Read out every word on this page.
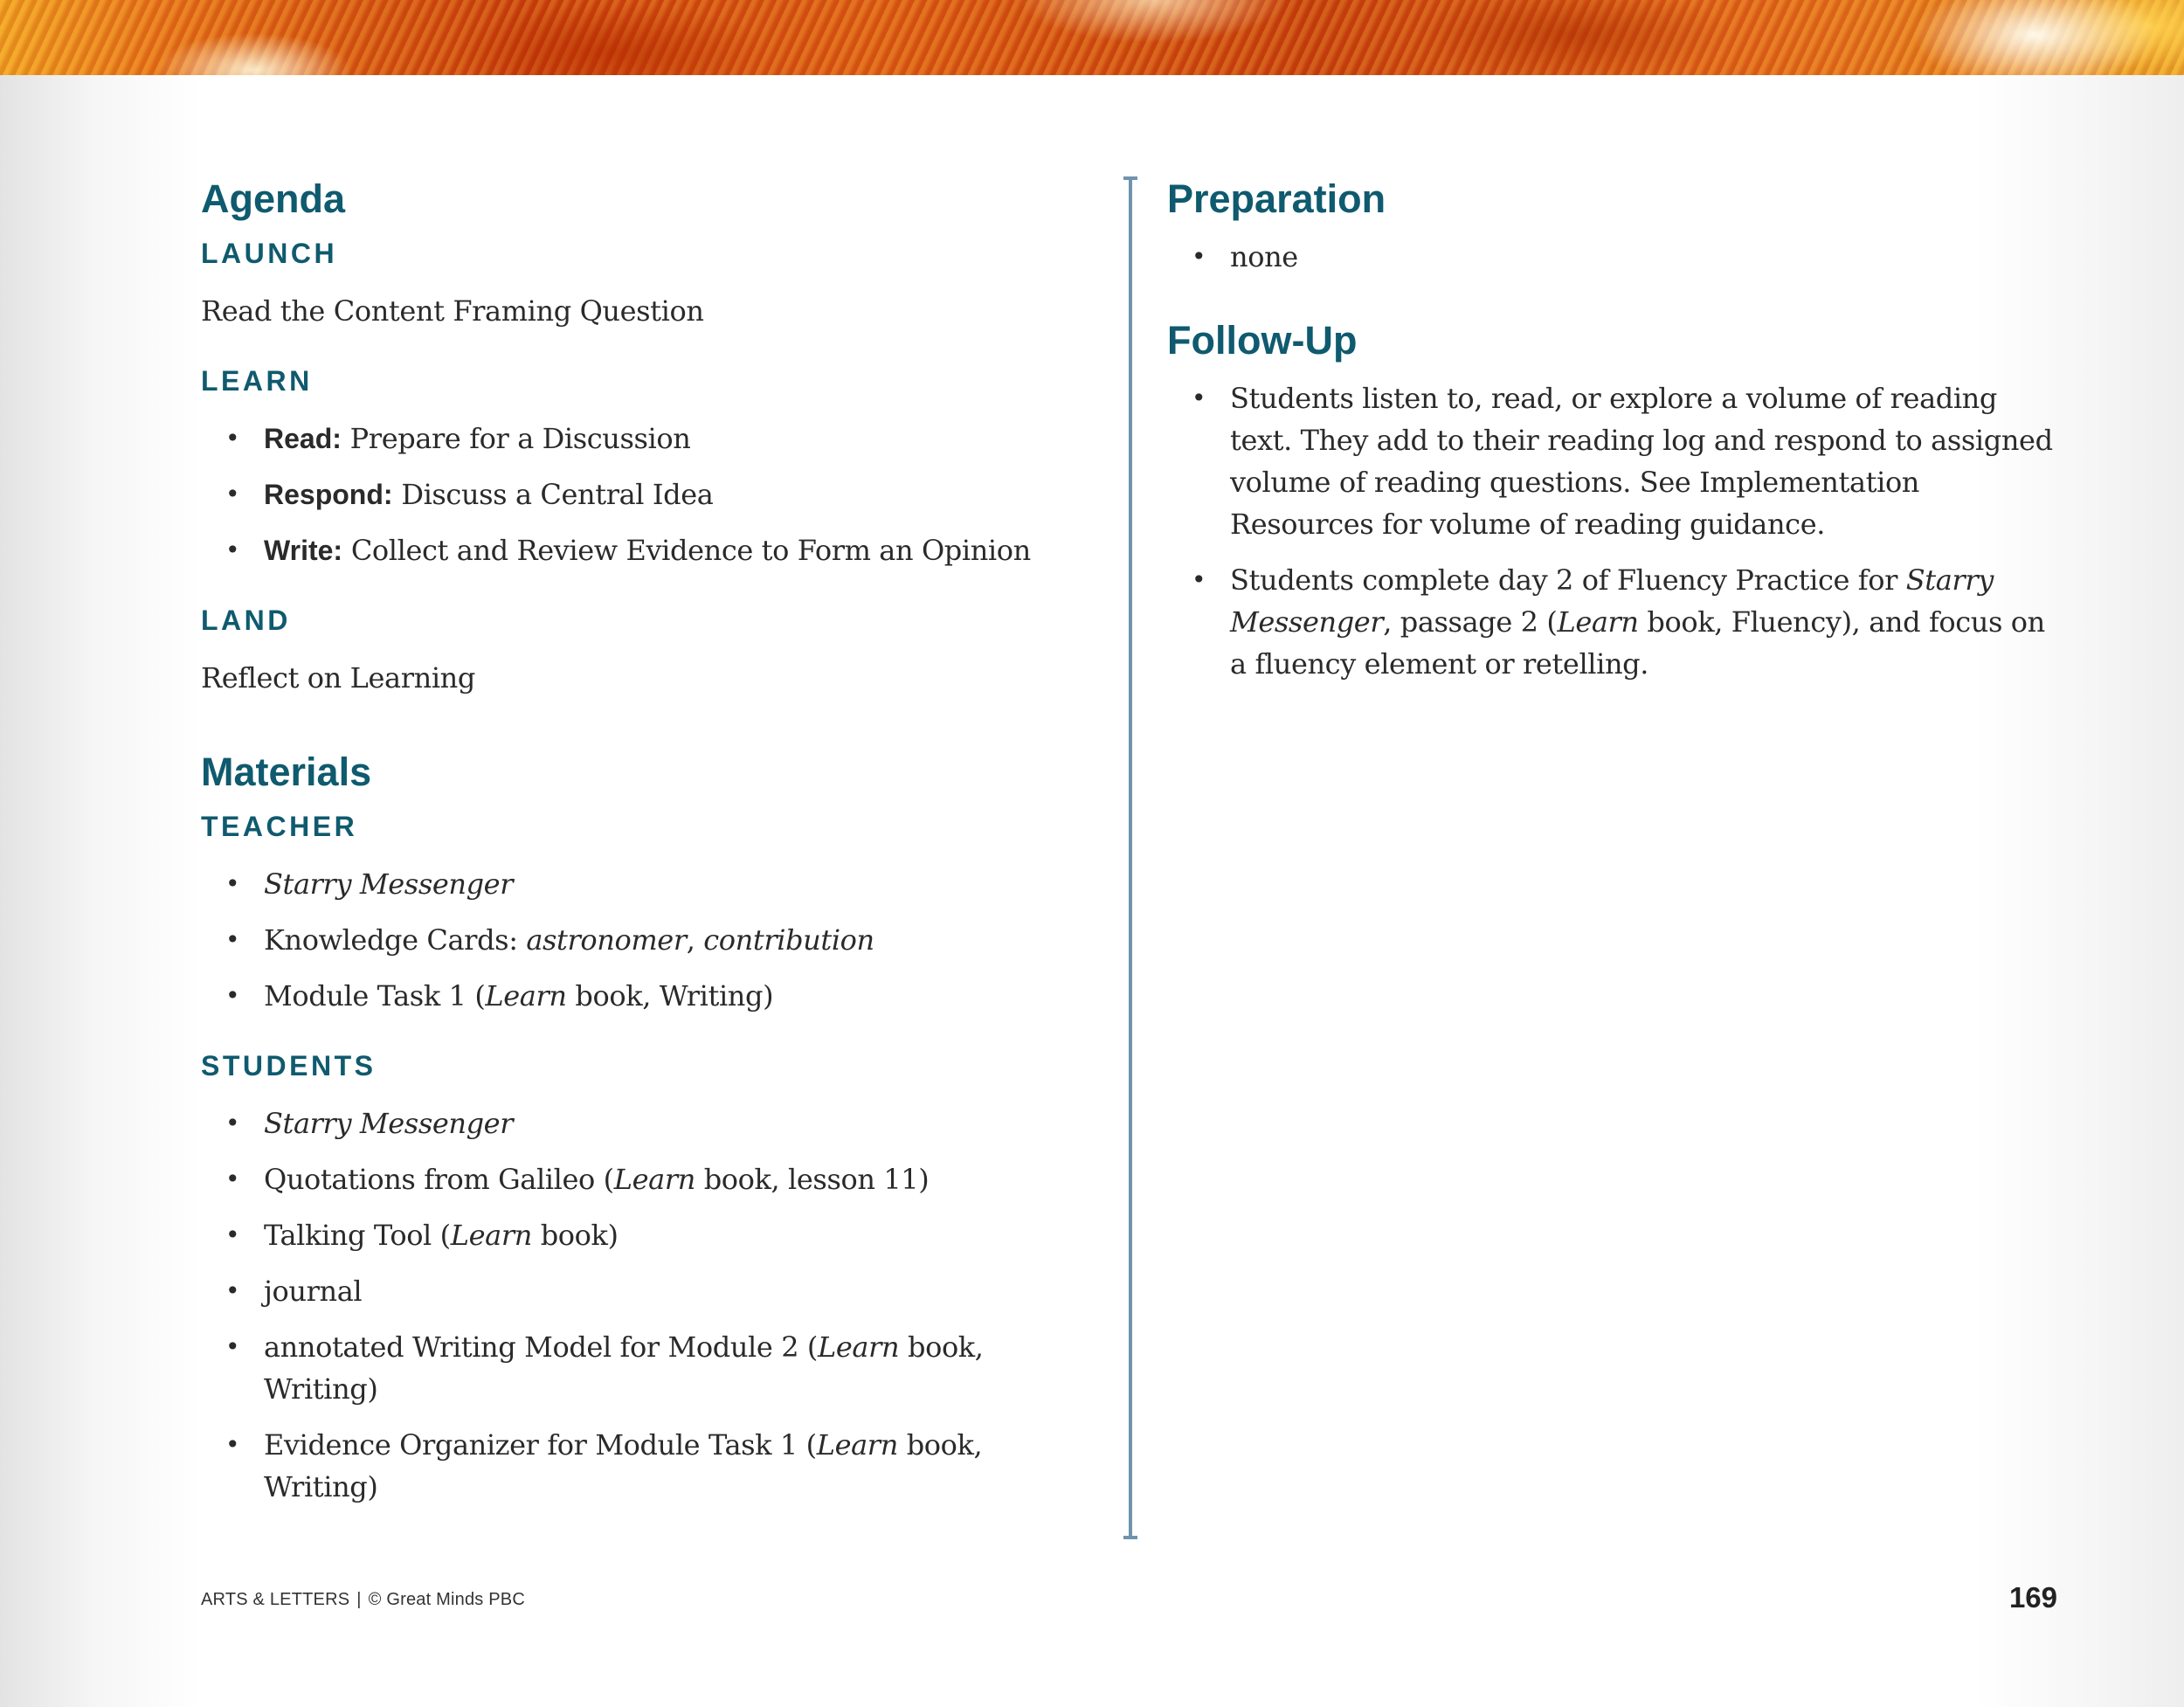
Agenda
LAUNCH

Read the Content Framing Question

LEARN
• Read: Prepare for a Discussion
• Respond: Discuss a Central Idea
• Write: Collect and Review Evidence to Form an Opinion
LAND

Reflect on Learning

Materials
TEACHER
• Starry Messenger
• Knowledge Cards: astronomer, contribution
• Module Task 1 (Learn book, Writing)
STUDENTS
• Starry Messenger
• Quotations from Galileo (Learn book, lesson 11)
• Talking Tool (Learn book)
• journal
• annotated Writing Model for Module 2 (Learn book, Writing)
• Evidence Organizer for Module Task 1 (Learn book, Writing)
Preparation
• none
Follow-Up
• Students listen to, read, or explore a volume of reading text. They add to their reading log and respond to assigned volume of reading questions. See Implementation Resources for volume of reading guidance.
• Students complete day 2 of Fluency Practice for Starry Messenger, passage 2 (Learn book, Fluency), and focus on a fluency element or retelling.
ARTS & LETTERS | © Great Minds PBC	169
